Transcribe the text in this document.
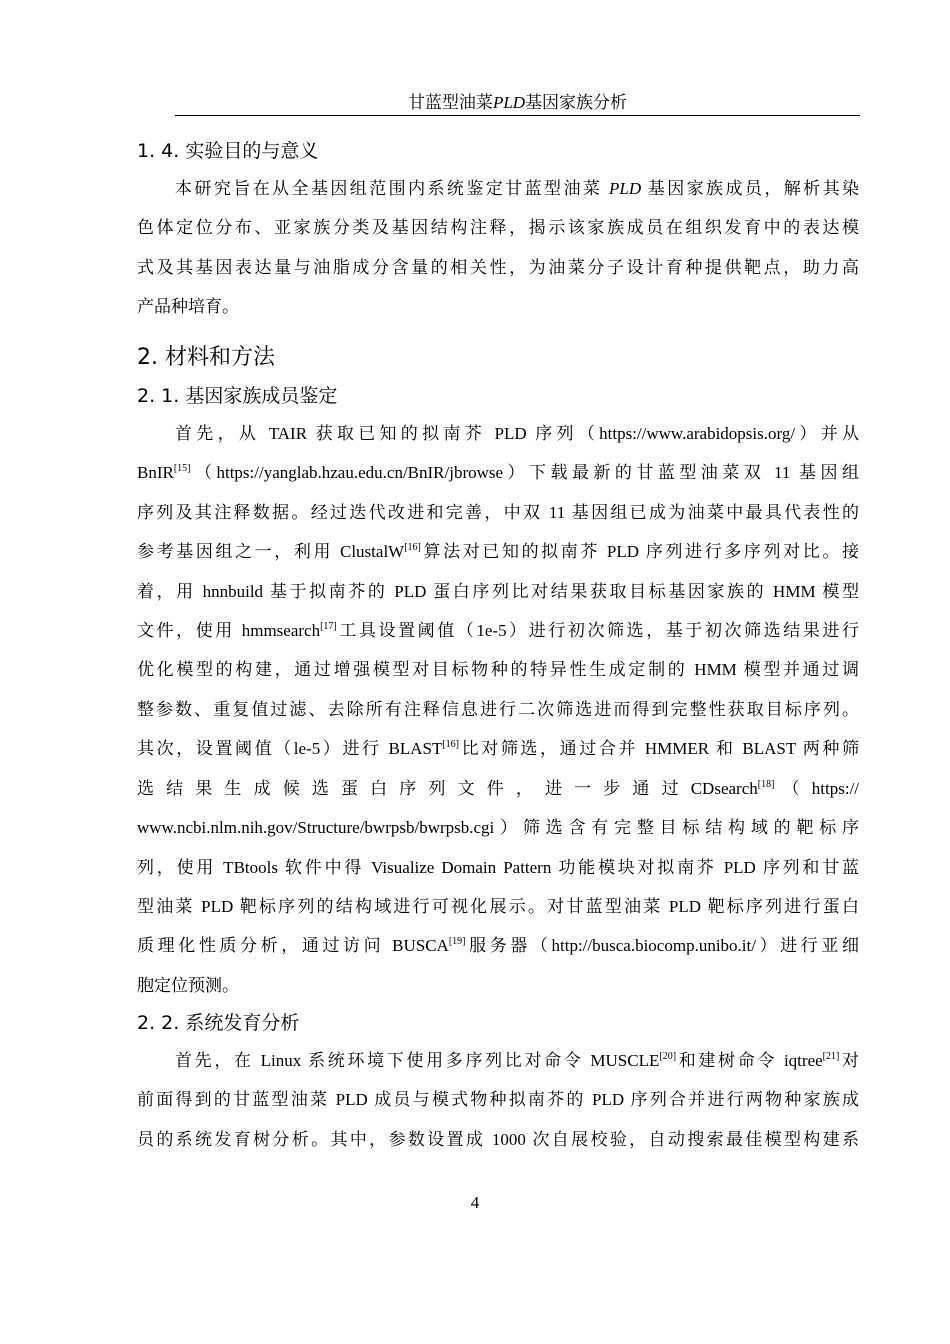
甘蓝型油菜PLD基因家族分析
1. 4. 实验目的与意义
本研究旨在从全基因组范围内系统鉴定甘蓝型油菜 PLD 基因家族成员，解析其染
色体定位分布、亚家族分类及基因结构注释，揭示该家族成员在组织发育中的表达模
式及其基因表达量与油脂成分含量的相关性，为油菜分子设计育种提供靶点，助力高
产品种培育。
2. 材料和方法
2. 1. 基因家族成员鉴定
首先，从 TAIR 获取已知的拟南芥 PLD 序列（https://www.arabidopsis.org/）并从
BnIR[15]（https://yanglab.hzau.edu.cn/BnIR/jbrowse）下载最新的甘蓝型油菜双 11 基因组
序列及其注释数据。经过迭代改进和完善，中双 11 基因组已成为油菜中最具代表性的
参考基因组之一，利用 ClustalW[16]算法对已知的拟南芥 PLD 序列进行多序列对比。接
着，用 hnnbuild 基于拟南芥的 PLD 蛋白序列比对结果获取目标基因家族的 HMM 模型
文件，使用 hmmsearch[17]工具设置阈值（1e-5）进行初次筛选，基于初次筛选结果进行
优化模型的构建，通过增强模型对目标物种的特异性生成定制的 HMM 模型并通过调
整参数、重复值过滤、去除所有注释信息进行二次筛选进而得到完整性获取目标序列。
其次，设置阈值（le-5）进行 BLAST[16]比对筛选，通过合并 HMMER 和 BLAST 两种筛
选 结 果 生 成 候 选 蛋 白 序 列 文 件 ， 进 一 步 通 过 CDsearch[18] （ https://
www.ncbi.nlm.nih.gov/Structure/bwrpsb/bwrpsb.cgi）筛选含有完整目标结构域的靶标序
列，使用 TBtools 软件中得 Visualize Domain Pattern 功能模块对拟南芥 PLD 序列和甘蓝
型油菜 PLD 靶标序列的结构域进行可视化展示。对甘蓝型油菜 PLD 靶标序列进行蛋白
质理化性质分析，通过访问 BUSCA[19]服务器（http://busca.biocomp.unibo.it/）进行亚细
胞定位预测。
2. 2. 系统发育分析
首先，在 Linux 系统环境下使用多序列比对命令 MUSCLE[20]和建树命令 iqtree[21]对
前面得到的甘蓝型油菜 PLD 成员与模式物种拟南芥的 PLD 序列合并进行两物种家族成
员的系统发育树分析。其中，参数设置成 1000 次自展校验，自动搜索最佳模型构建系
4
